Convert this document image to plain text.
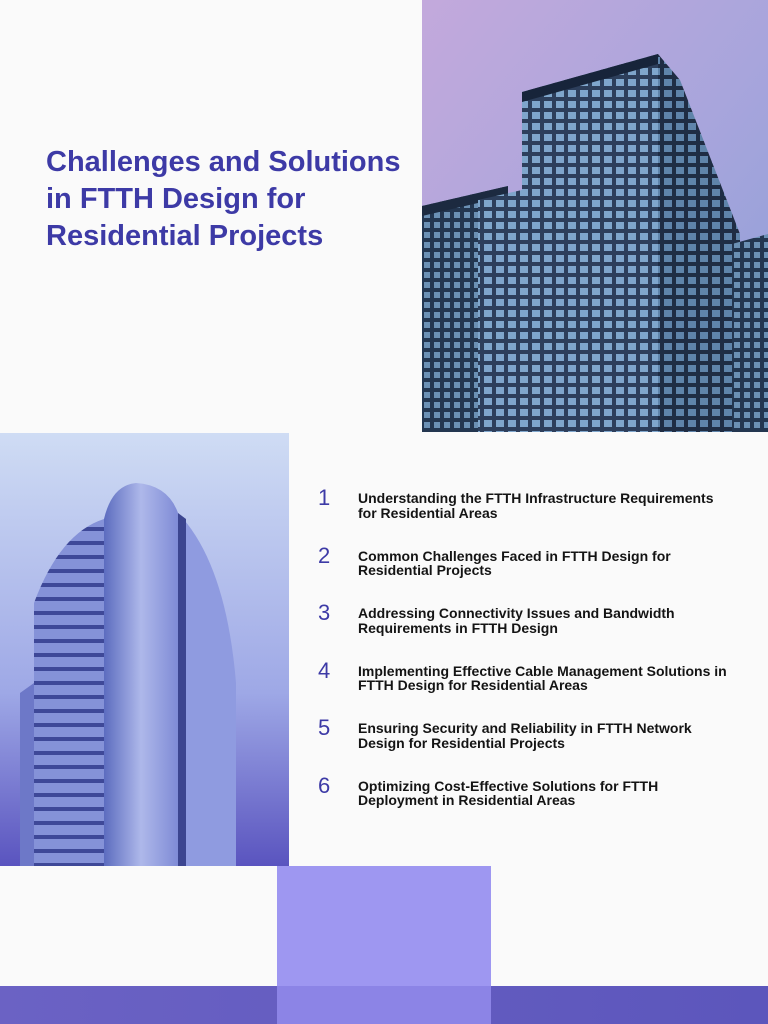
Challenges and Solutions in FTTH Design for Residential Projects
1	Understanding the FTTH Infrastructure Requirements for Residential Areas
2	Common Challenges Faced in FTTH Design for Residential Projects
3	Addressing Connectivity Issues and Bandwidth Requirements in FTTH Design
4	Implementing Effective Cable Management Solutions in FTTH Design for Residential Areas
5	Ensuring Security and Reliability in FTTH Network Design for Residential Projects
6	Optimizing Cost-Effective Solutions for FTTH Deployment in Residential Areas
